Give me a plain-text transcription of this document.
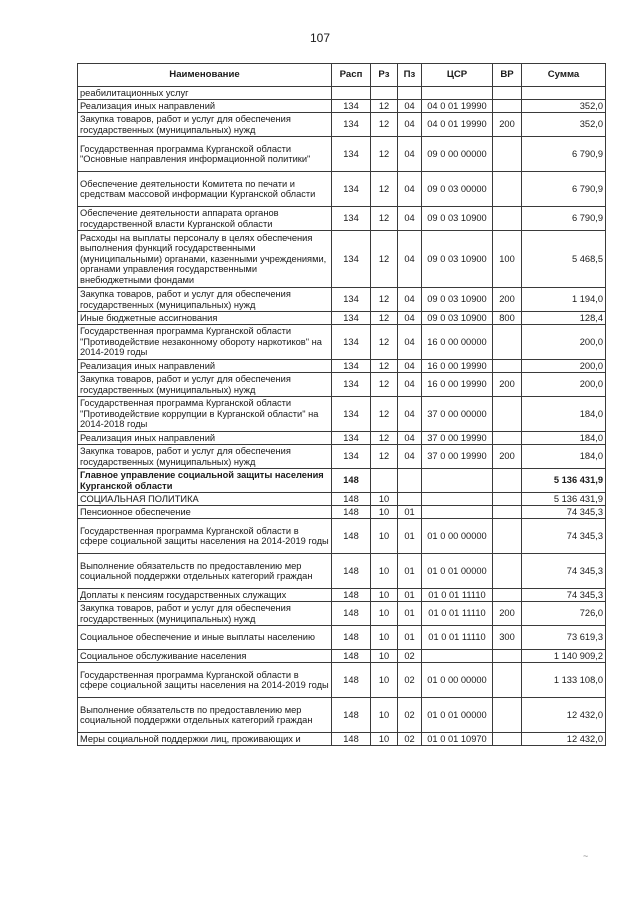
107
Наименование	Расп	Рз	Пз	ЦСР	ВР	Сумма
реабилитационных услуг						
Реализация иных направлений	134	12	04	04 0 01 19990		352,0
Закупка товаров, работ и услуг для обеспечения государственных (муниципальных) нужд	134	12	04	04 0 01 19990	200	352,0
Государственная программа Курганской области "Основные направления информационной политики"	134	12	04	09 0 00 00000		6 790,9
Обеспечение деятельности Комитета по печати и средствам массовой информации Курганской области	134	12	04	09 0 03 00000		6 790,9
Обеспечение деятельности аппарата органов государственной власти Курганской области	134	12	04	09 0 03 10900		6 790,9
Расходы на выплаты персоналу в целях обеспечения выполнения функций государственными (муниципальными) органами, казенными учреждениями, органами управления государственными внебюджетными фондами	134	12	04	09 0 03 10900	100	5 468,5
Закупка товаров, работ и услуг для обеспечения государственных (муниципальных) нужд	134	12	04	09 0 03 10900	200	1 194,0
Иные бюджетные ассигнования	134	12	04	09 0 03 10900	800	128,4
Государственная программа Курганской области "Противодействие незаконному обороту наркотиков" на 2014-2019 годы	134	12	04	16 0 00 00000		200,0
Реализация иных направлений	134	12	04	16 0 00 19990		200,0
Закупка товаров, работ и услуг для обеспечения государственных (муниципальных) нужд	134	12	04	16 0 00 19990	200	200,0
Государственная программа Курганской области "Противодействие коррупции в Курганской области" на 2014-2018 годы	134	12	04	37 0 00 00000		184,0
Реализация иных направлений	134	12	04	37 0 00 19990		184,0
Закупка товаров, работ и услуг для обеспечения государственных (муниципальных) нужд	134	12	04	37 0 00 19990	200	184,0
Главное управление социальной защиты населения Курганской области	148					5 136 431,9
СОЦИАЛЬНАЯ ПОЛИТИКА	148	10				5 136 431,9
Пенсионное обеспечение	148	10	01			74 345,3
Государственная программа Курганской области в сфере социальной защиты населения на 2014-2019 годы	148	10	01	01 0 00 00000		74 345,3
Выполнение обязательств по предоставлению мер социальной поддержки отдельных категорий граждан	148	10	01	01 0 01 00000		74 345,3
Доплаты к пенсиям государственных служащих	148	10	01	01 0 01 11110		74 345,3
Закупка товаров, работ и услуг для обеспечения государственных (муниципальных) нужд	148	10	01	01 0 01 11110	200	726,0
Социальное обеспечение и иные выплаты населению	148	10	01	01 0 01 11110	300	73 619,3
Социальное обслуживание населения	148	10	02			1 140 909,2
Государственная программа Курганской области в сфере социальной защиты населения на 2014-2019 годы	148	10	02	01 0 00 00000		1 133 108,0
Выполнение обязательств по предоставлению мер социальной поддержки отдельных категорий граждан	148	10	02	01 0 01 00000		12 432,0
Меры социальной поддержки лиц, проживающих и	148	10	02	01 0 01 10970		12 432,0
~
